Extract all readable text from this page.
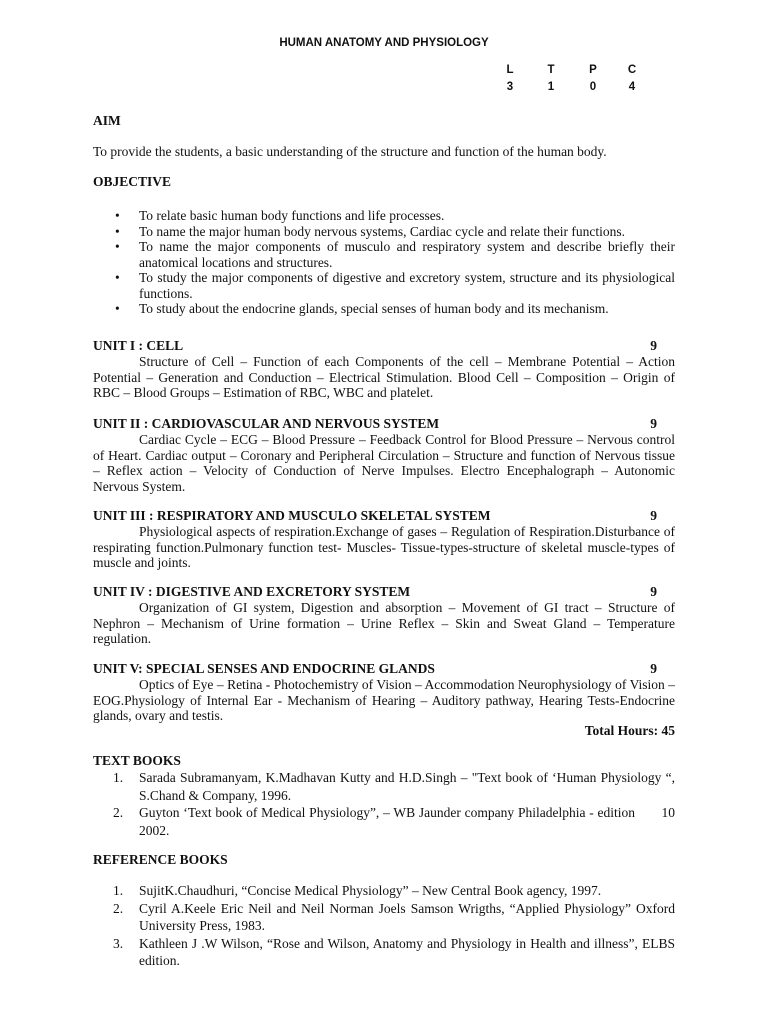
HUMAN ANATOMY AND PHYSIOLOGY
L	T	P	C
3	1	0	4
AIM
To provide the students, a basic understanding of the structure and function of the human body.
OBJECTIVE
• To relate basic human body functions and life processes.
• To name the major human body nervous systems, Cardiac cycle and relate their functions.
• To name the major components of musculo and respiratory system and describe briefly their anatomical locations and structures.
• To study the major components of digestive and excretory system, structure and its physiological functions.
• To study about the endocrine glands, special senses of human body and its mechanism.
UNIT I : CELL	9
Structure of Cell – Function of each Components of the cell – Membrane Potential – Action Potential – Generation and Conduction – Electrical Stimulation. Blood Cell – Composition – Origin of RBC – Blood Groups – Estimation of RBC, WBC and platelet.
UNIT II : CARDIOVASCULAR AND NERVOUS SYSTEM	9
Cardiac Cycle – ECG – Blood Pressure – Feedback Control for Blood Pressure – Nervous control of Heart. Cardiac output – Coronary and Peripheral Circulation – Structure and function of Nervous tissue – Reflex action – Velocity of Conduction of Nerve Impulses. Electro Encephalograph – Autonomic Nervous System.
UNIT III : RESPIRATORY AND MUSCULO SKELETAL SYSTEM	9
Physiological aspects of respiration.Exchange of gases – Regulation of Respiration.Disturbance of respirating function.Pulmonary function test- Muscles- Tissue-types-structure of skeletal muscle-types of muscle and joints.
UNIT IV : DIGESTIVE AND EXCRETORY SYSTEM	9
Organization of GI system, Digestion and absorption – Movement of GI tract – Structure of Nephron – Mechanism of Urine formation – Urine Reflex – Skin and Sweat Gland – Temperature regulation.
UNIT V: SPECIAL SENSES AND ENDOCRINE GLANDS	9
Optics of Eye – Retina - Photochemistry of Vision – Accommodation Neurophysiology of Vision – EOG.Physiology of Internal Ear - Mechanism of Hearing – Auditory pathway, Hearing Tests-Endocrine glands, ovary and testis.
Total Hours: 45
TEXT BOOKS
1. Sarada Subramanyam, K.Madhavan Kutty and H.D.Singh – "Text book of ‘Human Physiology “, S.Chand & Company, 1996.
2. Guyton ‘Text book of Medical Physiology”, – WB Jaunder company Philadelphia - edition 2002.
10
REFERENCE BOOKS
1. SujitK.Chaudhuri, “Concise Medical Physiology” – New Central Book agency, 1997.
2. Cyril A.Keele Eric Neil and Neil Norman Joels Samson Wrigths, “Applied Physiology” Oxford University Press, 1983.
3. Kathleen J .W Wilson, “Rose and Wilson, Anatomy and Physiology in Health and illness”, ELBS edition.
